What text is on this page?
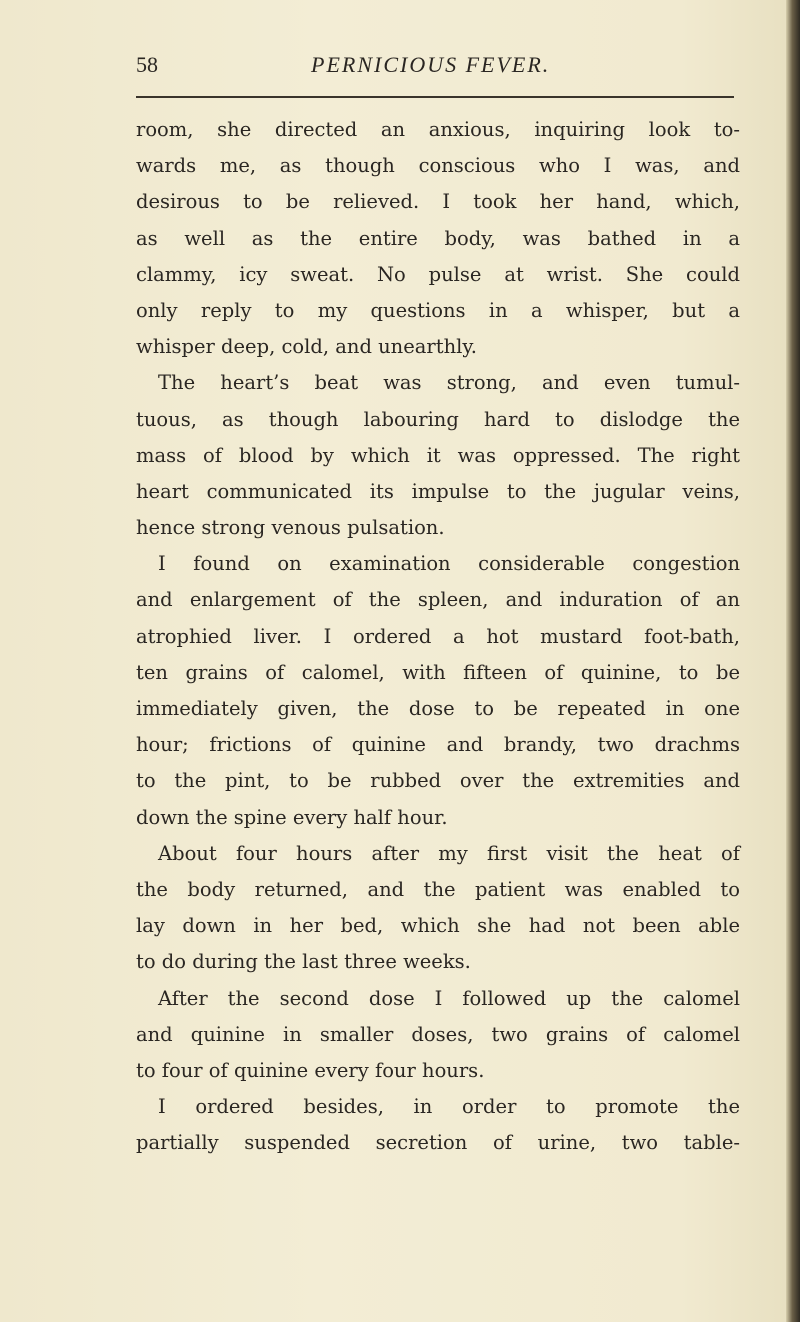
58	PERNICIOUS FEVER.
room, she directed an anxious, inquiring look to-
wards me, as though conscious who I was, and
desirous to be relieved. I took her hand, which,
as well as the entire body, was bathed in a
clammy, icy sweat. No pulse at wrist. She could
only reply to my questions in a whisper, but a
whisper deep, cold, and unearthly.
The heart’s beat was strong, and even tumul-
tuous, as though labouring hard to dislodge the
mass of blood by which it was oppressed. The right
heart communicated its impulse to the jugular veins,
hence strong venous pulsation.
I found on examination considerable congestion
and enlargement of the spleen, and induration of an
atrophied liver. I ordered a hot mustard foot-bath,
ten grains of calomel, with fifteen of quinine, to be
immediately given, the dose to be repeated in one
hour; frictions of quinine and brandy, two drachms
to the pint, to be rubbed over the extremities and
down the spine every half hour.
About four hours after my first visit the heat of
the body returned, and the patient was enabled to
lay down in her bed, which she had not been able
to do during the last three weeks.
After the second dose I followed up the calomel
and quinine in smaller doses, two grains of calomel
to four of quinine every four hours.
I ordered besides, in order to promote the
partially suspended secretion of urine, two table-
